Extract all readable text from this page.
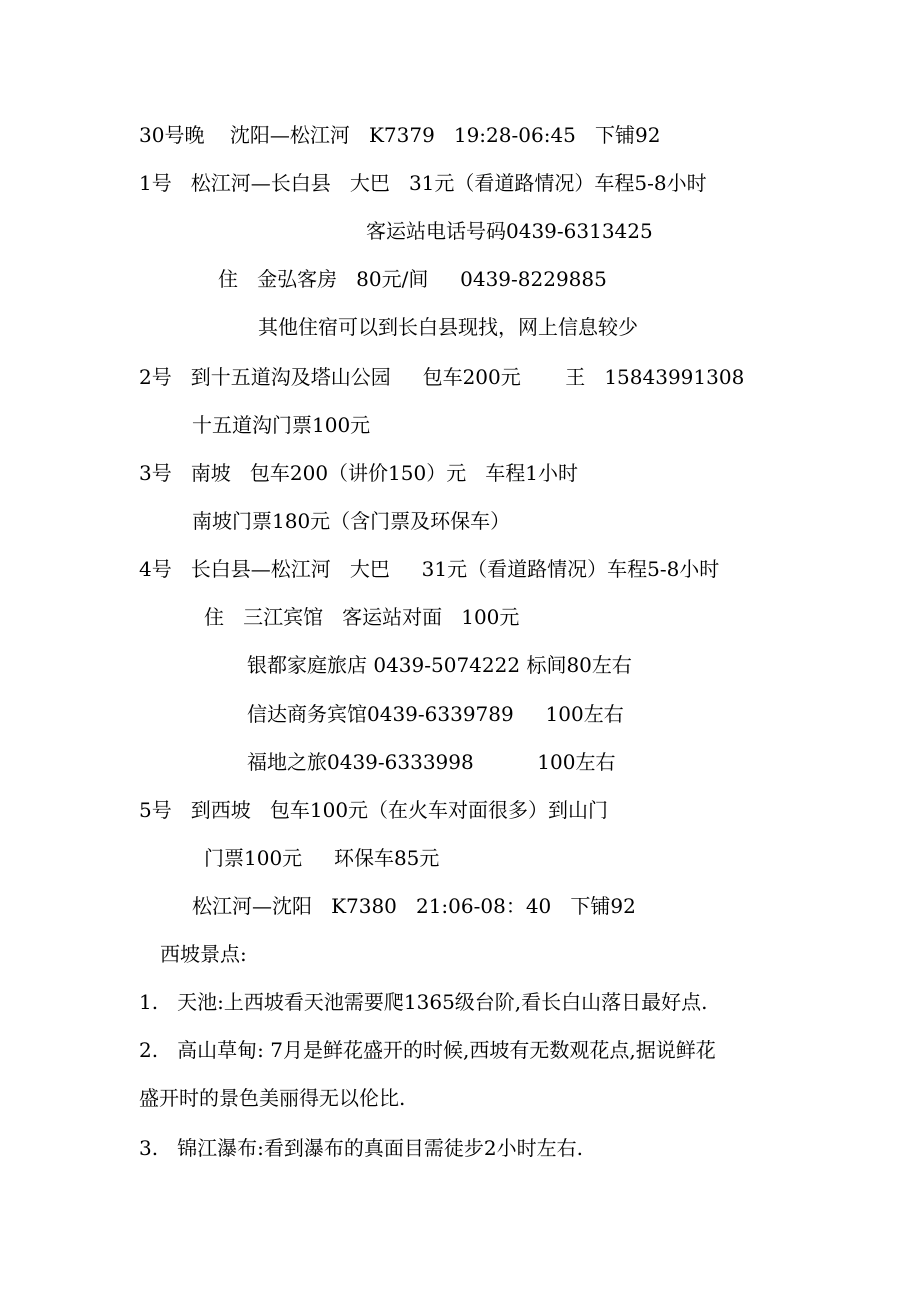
30号晚    沈阳—松江河   K7379   19:28-06:45   下铺92
1号   松江河—长白县   大巴   31元（看道路情况）车程5-8小时
客运站电话号码0439-6313425
住   金弘客房   80元/间     0439-8229885
其他住宿可以到长白县现找，网上信息较少
2号   到十五道沟及塔山公园     包车200元       王   15843991308
十五道沟门票100元
3号   南坡   包车200（讲价150）元   车程1小时
南坡门票180元（含门票及环保车）
4号   长白县—松江河   大巴     31元（看道路情况）车程5-8小时
住   三江宾馆   客运站对面   100元
银都家庭旅店 0439-5074222 标间80左右
信达商务宾馆0439-6339789     100左右
福地之旅0439-6333998          100左右
5号   到西坡   包车100元（在火车对面很多）到山门
门票100元     环保车85元
松江河—沈阳   K7380   21:06-08：40   下铺92
西坡景点:
1.   天池:上西坡看天池需要爬1365级台阶,看长白山落日最好点.
2.   高山草甸: 7月是鲜花盛开的时候,西坡有无数观花点,据说鲜花
盛开时的景色美丽得无以伦比.
3.   锦江瀑布:看到瀑布的真面目需徒步2小时左右.
